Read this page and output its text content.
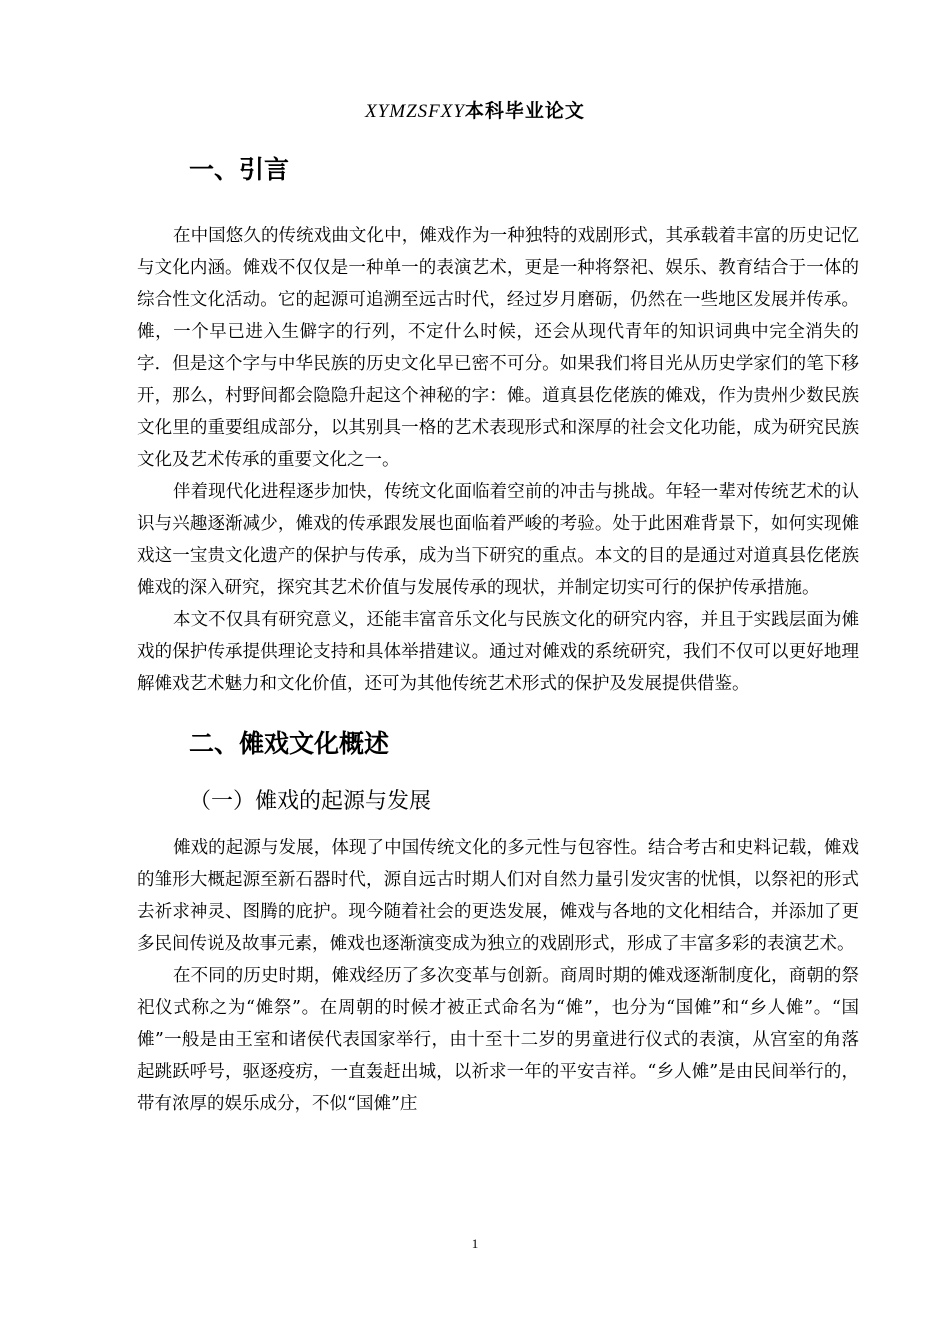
XYMZSFXY本科毕业论文
一、引言

在中国悠久的传统戏曲文化中，傩戏作为一种独特的戏剧形式，其承载着丰富的历史记忆与文化内涵。傩戏不仅仅是一种单一的表演艺术，更是一种将祭祀、娱乐、教育结合于一体的综合性文化活动。它的起源可追溯至远古时代，经过岁月磨砺，仍然在一些地区发展并传承。傩，一个早已进入生僻字的行列，不定什么时候，还会从现代青年的知识词典中完全消失的字．但是这个字与中华民族的历史文化早已密不可分。如果我们将目光从历史学家们的笔下移开，那么，村野间都会隐隐升起这个神秘的字：傩。道真县仡佬族的傩戏，作为贵州少数民族文化里的重要组成部分，以其别具一格的艺术表现形式和深厚的社会文化功能，成为研究民族文化及艺术传承的重要文化之一。

伴着现代化进程逐步加快，传统文化面临着空前的冲击与挑战。年轻一辈对传统艺术的认识与兴趣逐渐减少，傩戏的传承跟发展也面临着严峻的考验。处于此困难背景下，如何实现傩戏这一宝贵文化遗产的保护与传承，成为当下研究的重点。本文的目的是通过对道真县仡佬族傩戏的深入研究，探究其艺术价值与发展传承的现状，并制定切实可行的保护传承措施。

本文不仅具有研究意义，还能丰富音乐文化与民族文化的研究内容，并且于实践层面为傩戏的保护传承提供理论支持和具体举措建议。通过对傩戏的系统研究，我们不仅可以更好地理解傩戏艺术魅力和文化价值，还可为其他传统艺术形式的保护及发展提供借鉴。

二、傩戏文化概述
（一）傩戏的起源与发展

傩戏的起源与发展，体现了中国传统文化的多元性与包容性。结合考古和史料记载，傩戏的雏形大概起源至新石器时代，源自远古时期人们对自然力量引发灾害的忧惧，以祭祀的形式去祈求神灵、图腾的庇护。现今随着社会的更迭发展，傩戏与各地的文化相结合，并添加了更多民间传说及故事元素，傩戏也逐渐演变成为独立的戏剧形式，形成了丰富多彩的表演艺术。

在不同的历史时期，傩戏经历了多次变革与创新。商周时期的傩戏逐渐制度化，商朝的祭祀仪式称之为“傩祭”。在周朝的时候才被正式命名为“傩”，也分为“国傩”和“乡人傩”。“国傩”一般是由王室和诸侯代表国家举行，由十至十二岁的男童进行仪式的表演，从宫室的角落起跳跃呼号，驱逐疫疠，一直轰赶出城，以祈求一年的平安吉祥。“乡人傩”是由民间举行的，带有浓厚的娱乐成分，不似“国傩”庄

1
